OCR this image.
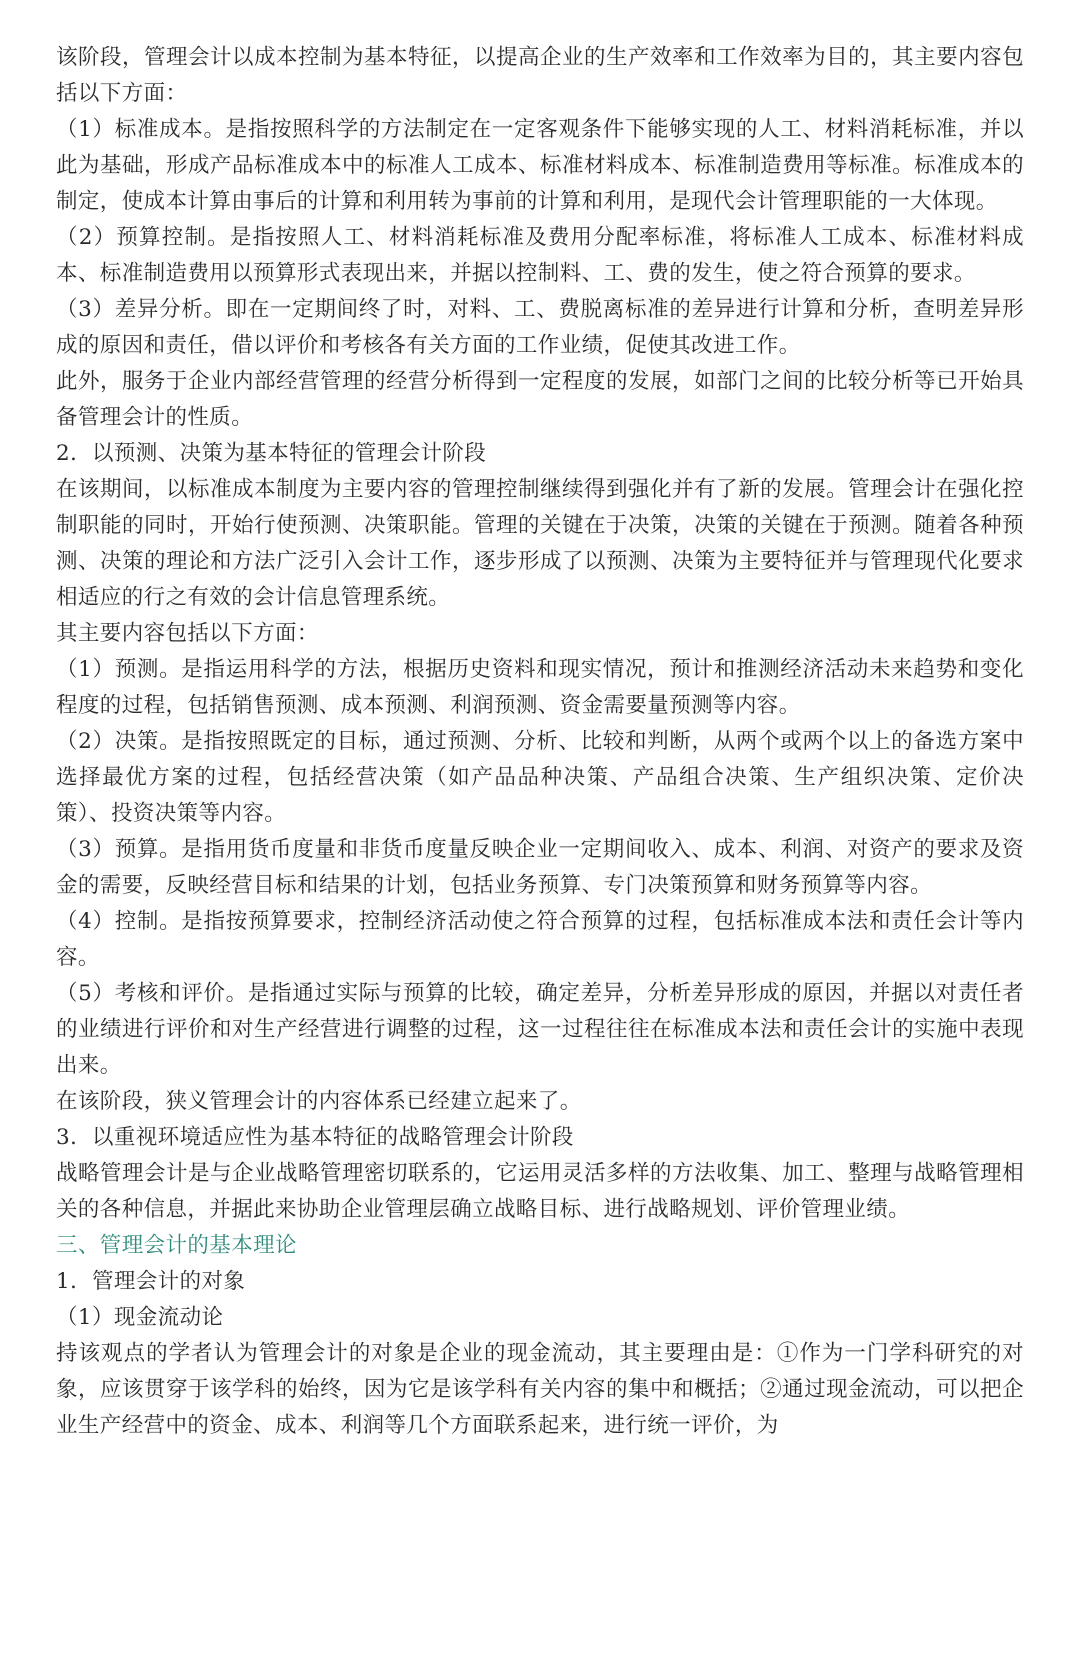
该阶段，管理会计以成本控制为基本特征，以提高企业的生产效率和工作效率为目的，其主要内容包括以下方面：

（1）标准成本。是指按照科学的方法制定在一定客观条件下能够实现的人工、材料消耗标准，并以此为基础，形成产品标准成本中的标准人工成本、标准材料成本、标准制造费用等标准。标准成本的制定，使成本计算由事后的计算和利用转为事前的计算和利用，是现代会计管理职能的一大体现。

（2）预算控制。是指按照人工、材料消耗标准及费用分配率标准，将标准人工成本、标准材料成本、标准制造费用以预算形式表现出来，并据以控制料、工、费的发生，使之符合预算的要求。

（3）差异分析。即在一定期间终了时，对料、工、费脱离标准的差异进行计算和分析，查明差异形成的原因和责任，借以评价和考核各有关方面的工作业绩，促使其改进工作。

此外，服务于企业内部经营管理的经营分析得到一定程度的发展，如部门之间的比较分析等已开始具备管理会计的性质。

2．以预测、决策为基本特征的管理会计阶段

在该期间，以标准成本制度为主要内容的管理控制继续得到强化并有了新的发展。管理会计在强化控制职能的同时，开始行使预测、决策职能。管理的关键在于决策，决策的关键在于预测。随着各种预测、决策的理论和方法广泛引入会计工作，逐步形成了以预测、决策为主要特征并与管理现代化要求相适应的行之有效的会计信息管理系统。

其主要内容包括以下方面：

（1）预测。是指运用科学的方法，根据历史资料和现实情况，预计和推测经济活动未来趋势和变化程度的过程，包括销售预测、成本预测、利润预测、资金需要量预测等内容。

（2）决策。是指按照既定的目标，通过预测、分析、比较和判断，从两个或两个以上的备选方案中选择最优方案的过程，包括经营决策（如产品品种决策、产品组合决策、生产组织决策、定价决策）、投资决策等内容。

（3）预算。是指用货币度量和非货币度量反映企业一定期间收入、成本、利润、对资产的要求及资金的需要，反映经营目标和结果的计划，包括业务预算、专门决策预算和财务预算等内容。

（4）控制。是指按预算要求，控制经济活动使之符合预算的过程，包括标准成本法和责任会计等内容。

（5）考核和评价。是指通过实际与预算的比较，确定差异，分析差异形成的原因，并据以对责任者的业绩进行评价和对生产经营进行调整的过程，这一过程往往在标准成本法和责任会计的实施中表现出来。

在该阶段，狭义管理会计的内容体系已经建立起来了。

3．以重视环境适应性为基本特征的战略管理会计阶段

战略管理会计是与企业战略管理密切联系的，它运用灵活多样的方法收集、加工、整理与战略管理相关的各种信息，并据此来协助企业管理层确立战略目标、进行战略规划、评价管理业绩。

三、管理会计的基本理论

1．管理会计的对象

（1）现金流动论

持该观点的学者认为管理会计的对象是企业的现金流动，其主要理由是：①作为一门学科研究的对象，应该贯穿于该学科的始终，因为它是该学科有关内容的集中和概括；②通过现金流动，可以把企业生产经营中的资金、成本、利润等几个方面联系起来，进行统一评价，为
